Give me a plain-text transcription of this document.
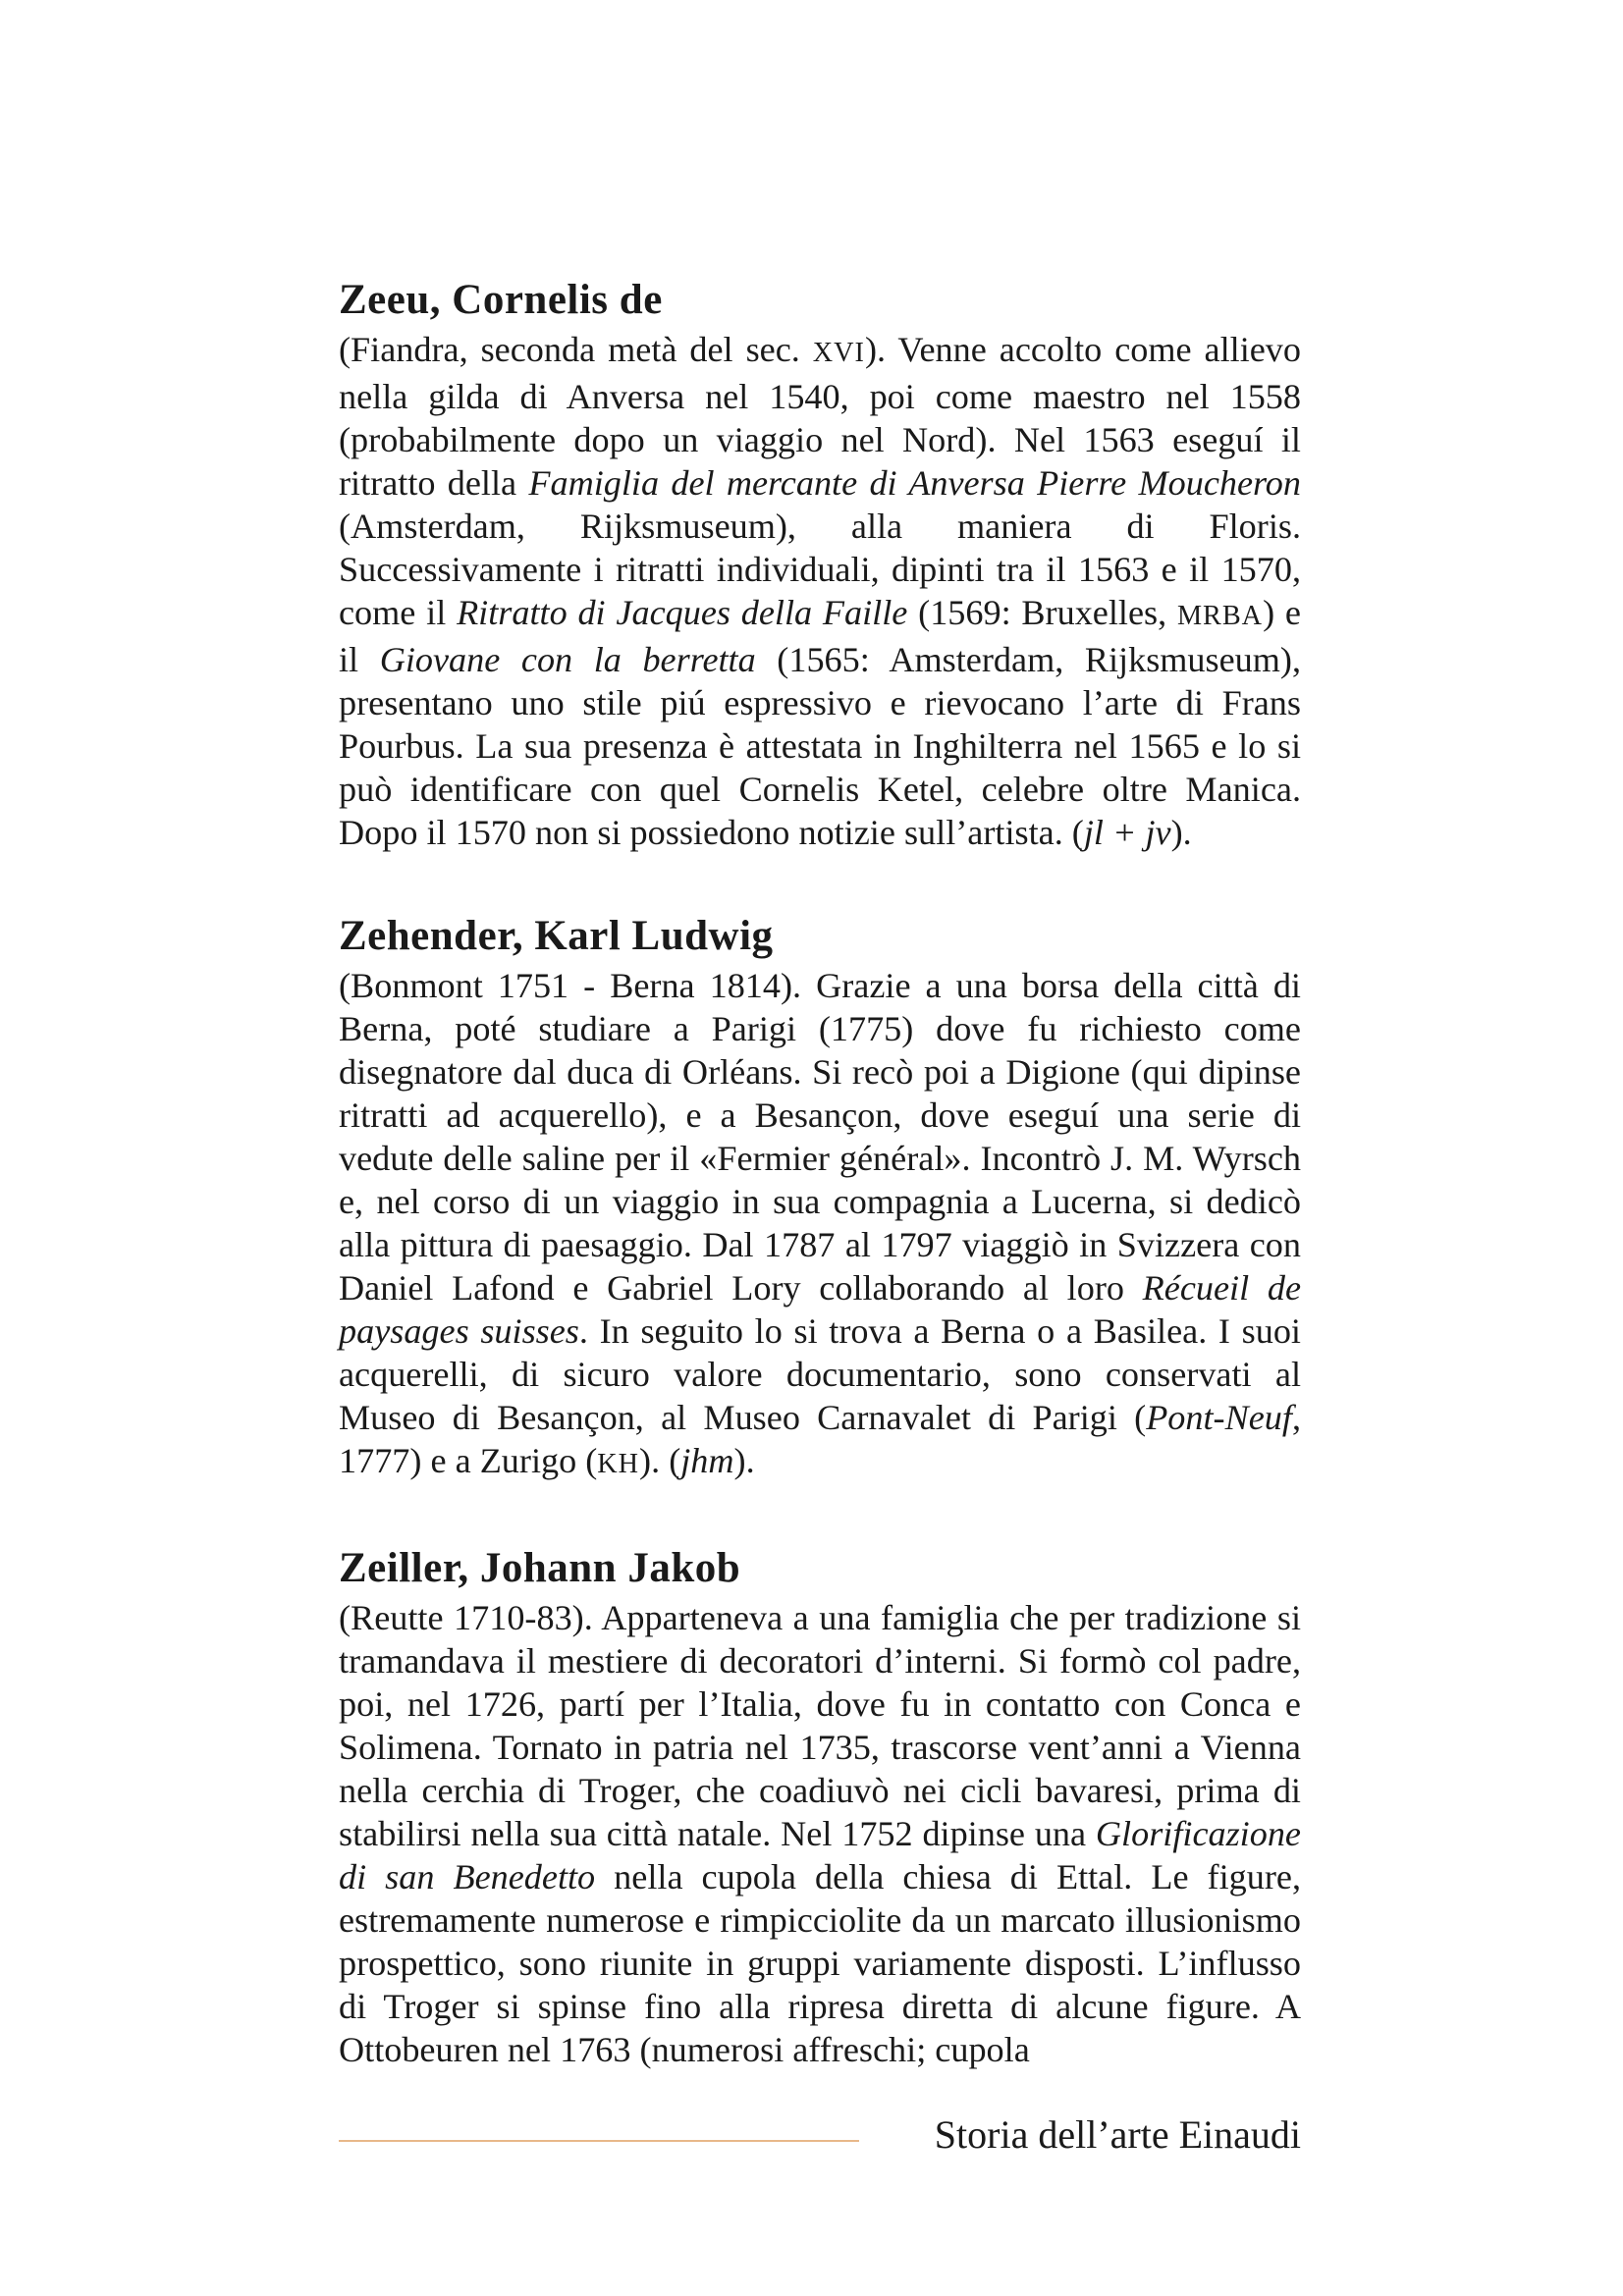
Zeeu, Cornelis de

(Fiandra, seconda metà del sec. XVI). Venne accolto come allievo nella gilda di Anversa nel 1540, poi come maestro nel 1558 (probabilmente dopo un viaggio nel Nord). Nel 1563 eseguí il ritratto della Famiglia del mercante di Anversa Pierre Moucheron (Amsterdam, Rijksmuseum), alla maniera di Floris. Successivamente i ritratti individuali, dipinti tra il 1563 e il 1570, come il Ritratto di Jacques della Faille (1569: Bruxelles, MRBA) e il Giovane con la berretta (1565: Amsterdam, Rijksmuseum), presentano uno stile piú espressivo e rievocano l’arte di Frans Pourbus. La sua presenza è attestata in Inghilterra nel 1565 e lo si può identificare con quel Cornelis Ketel, celebre oltre Manica. Dopo il 1570 non si possiedono notizie sull’artista. (jl + jv).

Zehender, Karl Ludwig

(Bonmont 1751 - Berna 1814). Grazie a una borsa della città di Berna, poté studiare a Parigi (1775) dove fu richiesto come disegnatore dal duca di Orléans. Si recò poi a Digione (qui dipinse ritratti ad acquerello), e a Besançon, dove eseguí una serie di vedute delle saline per il «Fermier général». Incontrò J. M. Wyrsch e, nel corso di un viaggio in sua compagnia a Lucerna, si dedicò alla pittura di paesaggio. Dal 1787 al 1797 viaggiò in Svizzera con Daniel Lafond e Gabriel Lory collaborando al loro Récueil de paysages suisses. In seguito lo si trova a Berna o a Basilea. I suoi acquerelli, di sicuro valore documentario, sono conservati al Museo di Besançon, al Museo Carnavalet di Parigi (Pont-Neuf, 1777) e a Zurigo (KH). (jhm).

Zeiller, Johann Jakob

(Reutte 1710-83). Apparteneva a una famiglia che per tradizione si tramandava il mestiere di decoratori d’interni. Si formò col padre, poi, nel 1726, partí per l’Italia, dove fu in contatto con Conca e Solimena. Tornato in patria nel 1735, trascorse vent’anni a Vienna nella cerchia di Troger, che coadiuvò nei cicli bavaresi, prima di stabilirsi nella sua città natale. Nel 1752 dipinse una Glorificazione di san Benedetto nella cupola della chiesa di Ettal. Le figure, estremamente numerose e rimpicciolite da un marcato illusionismo prospettico, sono riunite in gruppi variamente disposti. L’influsso di Troger si spinse fino alla ripresa diretta di alcune figure. A Ottobeuren nel 1763 (numerosi affreschi; cupola

Storia dell’arte Einaudi
